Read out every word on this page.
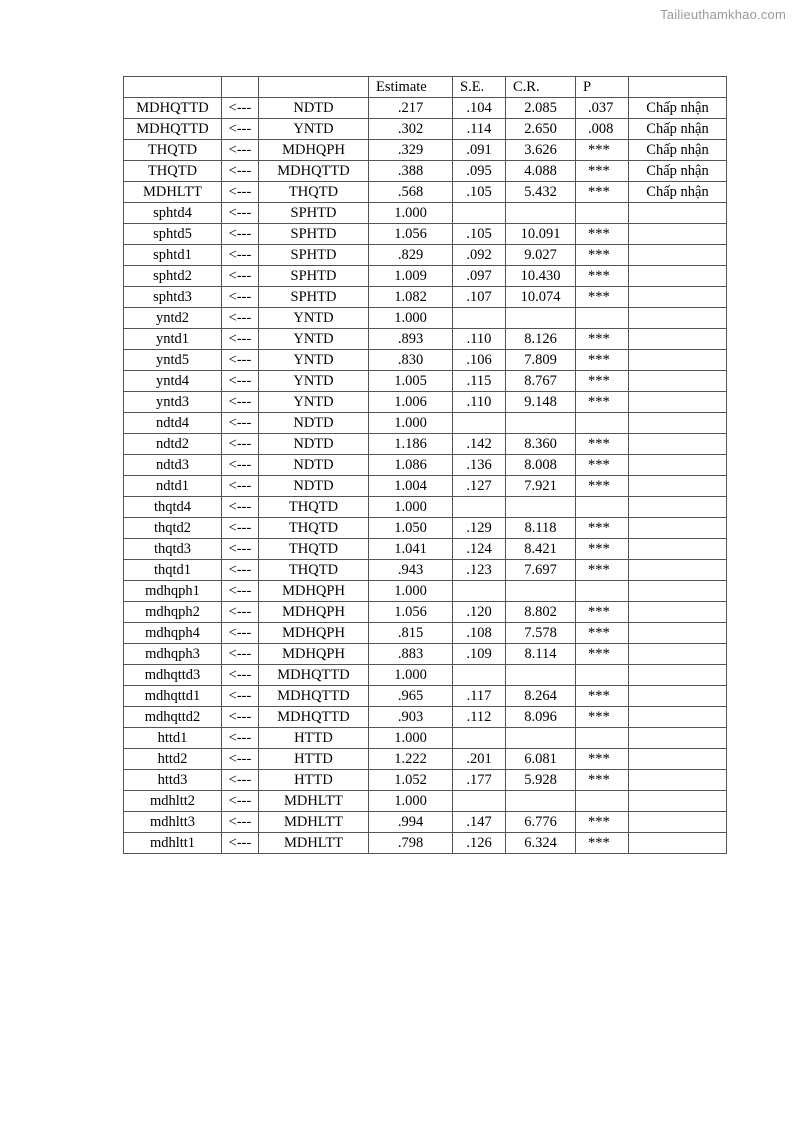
Tailieuthamkhao.com
			Estimate	S.E.	C.R.	P	
MDHQTTD	<---	NDTD	.217	.104	2.085	.037	Chấp nhận
MDHQTTD	<---	YNTD	.302	.114	2.650	.008	Chấp nhận
THQTD	<---	MDHQPH	.329	.091	3.626	***	Chấp nhận
THQTD	<---	MDHQTTD	.388	.095	4.088	***	Chấp nhận
MDHLTT	<---	THQTD	.568	.105	5.432	***	Chấp nhận
sphtd4	<---	SPHTD	1.000				
sphtd5	<---	SPHTD	1.056	.105	10.091	***	
sphtd1	<---	SPHTD	.829	.092	9.027	***	
sphtd2	<---	SPHTD	1.009	.097	10.430	***	
sphtd3	<---	SPHTD	1.082	.107	10.074	***	
yntd2	<---	YNTD	1.000				
yntd1	<---	YNTD	.893	.110	8.126	***	
yntd5	<---	YNTD	.830	.106	7.809	***	
yntd4	<---	YNTD	1.005	.115	8.767	***	
yntd3	<---	YNTD	1.006	.110	9.148	***	
ndtd4	<---	NDTD	1.000				
ndtd2	<---	NDTD	1.186	.142	8.360	***	
ndtd3	<---	NDTD	1.086	.136	8.008	***	
ndtd1	<---	NDTD	1.004	.127	7.921	***	
thqtd4	<---	THQTD	1.000				
thqtd2	<---	THQTD	1.050	.129	8.118	***	
thqtd3	<---	THQTD	1.041	.124	8.421	***	
thqtd1	<---	THQTD	.943	.123	7.697	***	
mdhqph1	<---	MDHQPH	1.000				
mdhqph2	<---	MDHQPH	1.056	.120	8.802	***	
mdhqph4	<---	MDHQPH	.815	.108	7.578	***	
mdhqph3	<---	MDHQPH	.883	.109	8.114	***	
mdhqttd3	<---	MDHQTTD	1.000				
mdhqttd1	<---	MDHQTTD	.965	.117	8.264	***	
mdhqttd2	<---	MDHQTTD	.903	.112	8.096	***	
httd1	<---	HTTD	1.000				
httd2	<---	HTTD	1.222	.201	6.081	***	
httd3	<---	HTTD	1.052	.177	5.928	***	
mdhltt2	<---	MDHLTT	1.000				
mdhltt3	<---	MDHLTT	.994	.147	6.776	***	
mdhltt1	<---	MDHLTT	.798	.126	6.324	***	
